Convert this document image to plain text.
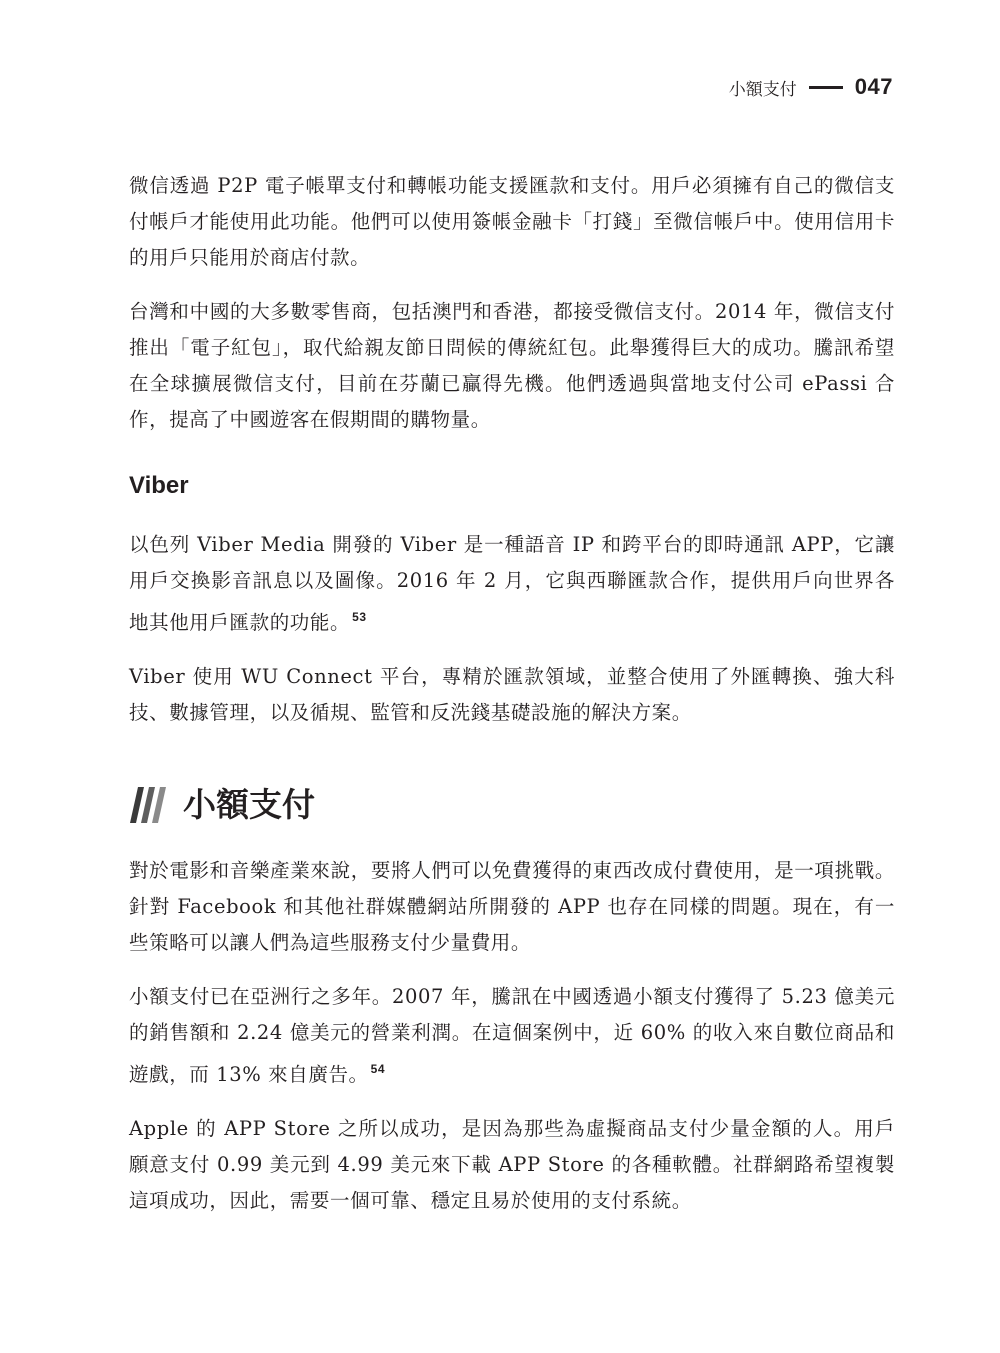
小額支付	047

微信透過 P2P 電子帳單支付和轉帳功能支援匯款和支付。用戶必須擁有自己的微信支付帳戶才能使用此功能。他們可以使用簽帳金融卡「打錢」至微信帳戶中。使用信用卡的用戶只能用於商店付款。

台灣和中國的大多數零售商，包括澳門和香港，都接受微信支付。2014 年，微信支付推出「電子紅包」，取代給親友節日問候的傳統紅包。此舉獲得巨大的成功。騰訊希望在全球擴展微信支付，目前在芬蘭已贏得先機。他們透過與當地支付公司 ePassi 合作，提高了中國遊客在假期間的購物量。

Viber

以色列 Viber Media 開發的 Viber 是一種語音 IP 和跨平台的即時通訊 APP，它讓用戶交換影音訊息以及圖像。2016 年 2 月，它與西聯匯款合作，提供用戶向世界各地其他用戶匯款的功能。 $^{53}$

Viber 使用 WU Connect 平台，專精於匯款領域，並整合使用了外匯轉換、強大科技、數據管理，以及循規、監管和反洗錢基礎設施的解決方案。

小額支付

對於電影和音樂產業來說，要將人們可以免費獲得的東西改成付費使用，是一項挑戰。針對 Facebook 和其他社群媒體網站所開發的 APP 也存在同樣的問題。現在，有一些策略可以讓人們為這些服務支付少量費用。

小額支付已在亞洲行之多年。2007 年，騰訊在中國透過小額支付獲得了 5.23 億美元的銷售額和 2.24 億美元的營業利潤。在這個案例中，近 60% 的收入來自數位商品和遊戲，而 13% 來自廣告。 $^{54}$

Apple 的 APP Store 之所以成功，是因為那些為虛擬商品支付少量金額的人。用戶願意支付 0.99 美元到 4.99 美元來下載 APP Store 的各種軟體。社群網路希望複製這項成功，因此，需要一個可靠、穩定且易於使用的支付系統。
